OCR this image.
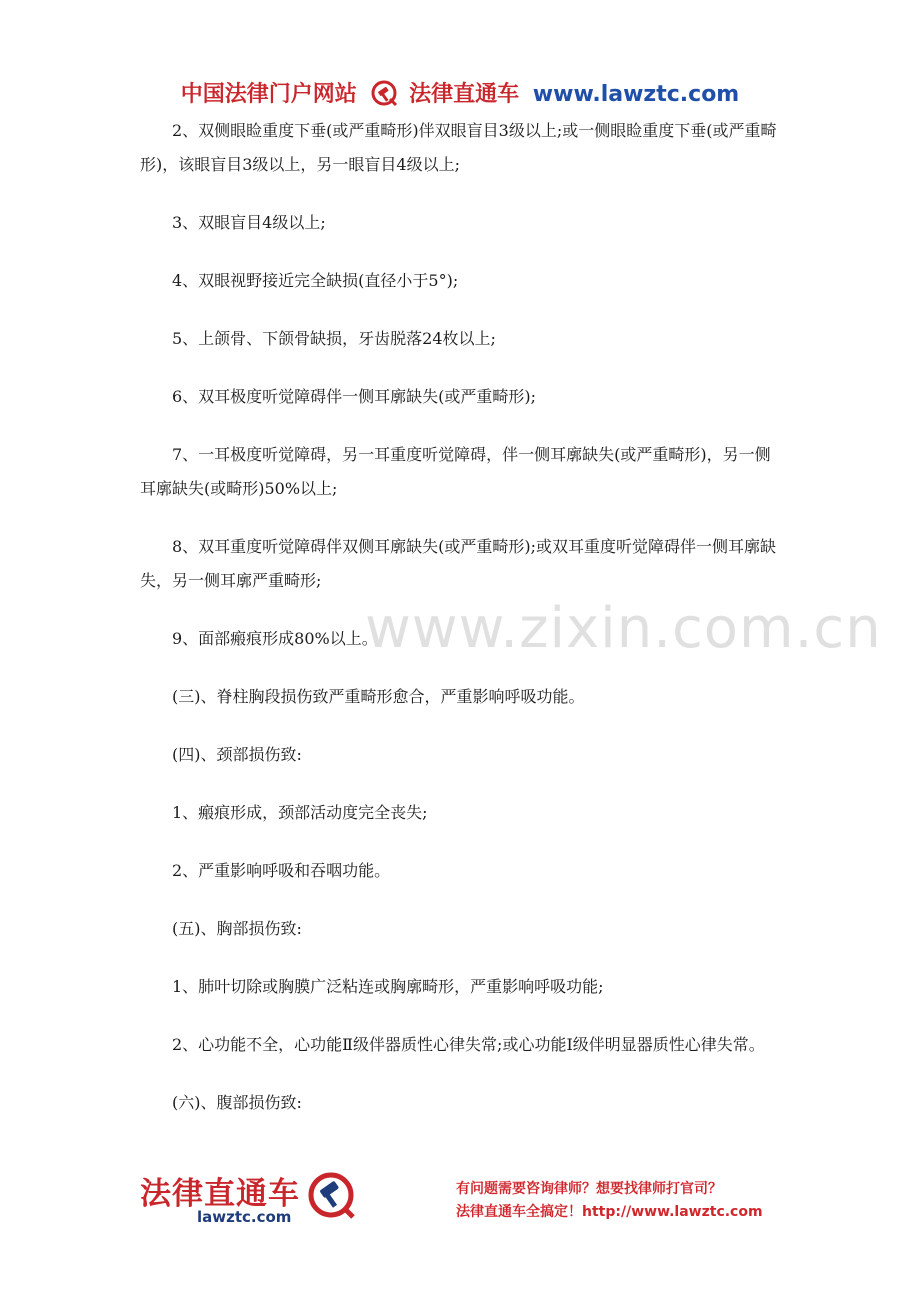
中国法律门户网站 法律直通车 www.lawztc.com
www.zixin.com.cn

2、双侧眼睑重度下垂(或严重畸形)伴双眼盲目3级以上;或一侧眼睑重度下垂(或严重畸形)，该眼盲目3级以上，另一眼盲目4级以上;

3、双眼盲目4级以上;

4、双眼视野接近完全缺损(直径小于5°);

5、上颌骨、下颌骨缺损，牙齿脱落24枚以上;

6、双耳极度听觉障碍伴一侧耳廓缺失(或严重畸形);

7、一耳极度听觉障碍，另一耳重度听觉障碍，伴一侧耳廓缺失(或严重畸形)，另一侧耳廓缺失(或畸形)50%以上;

8、双耳重度听觉障碍伴双侧耳廓缺失(或严重畸形);或双耳重度听觉障碍伴一侧耳廓缺失，另一侧耳廓严重畸形;

9、面部瘢痕形成80%以上。

(三)、脊柱胸段损伤致严重畸形愈合，严重影响呼吸功能。

(四)、颈部损伤致:

1、瘢痕形成，颈部活动度完全丧失;

2、严重影响呼吸和吞咽功能。

(五)、胸部损伤致:

1、肺叶切除或胸膜广泛粘连或胸廓畸形，严重影响呼吸功能;

2、心功能不全，心功能Ⅱ级伴器质性心律失常;或心功能Ⅰ级伴明显器质性心律失常。

(六)、腹部损伤致:

法律直通车
lawztc.com
有问题需要咨询律师？想要找律师打官司？
法律直通车全搞定！http://www.lawztc.com
